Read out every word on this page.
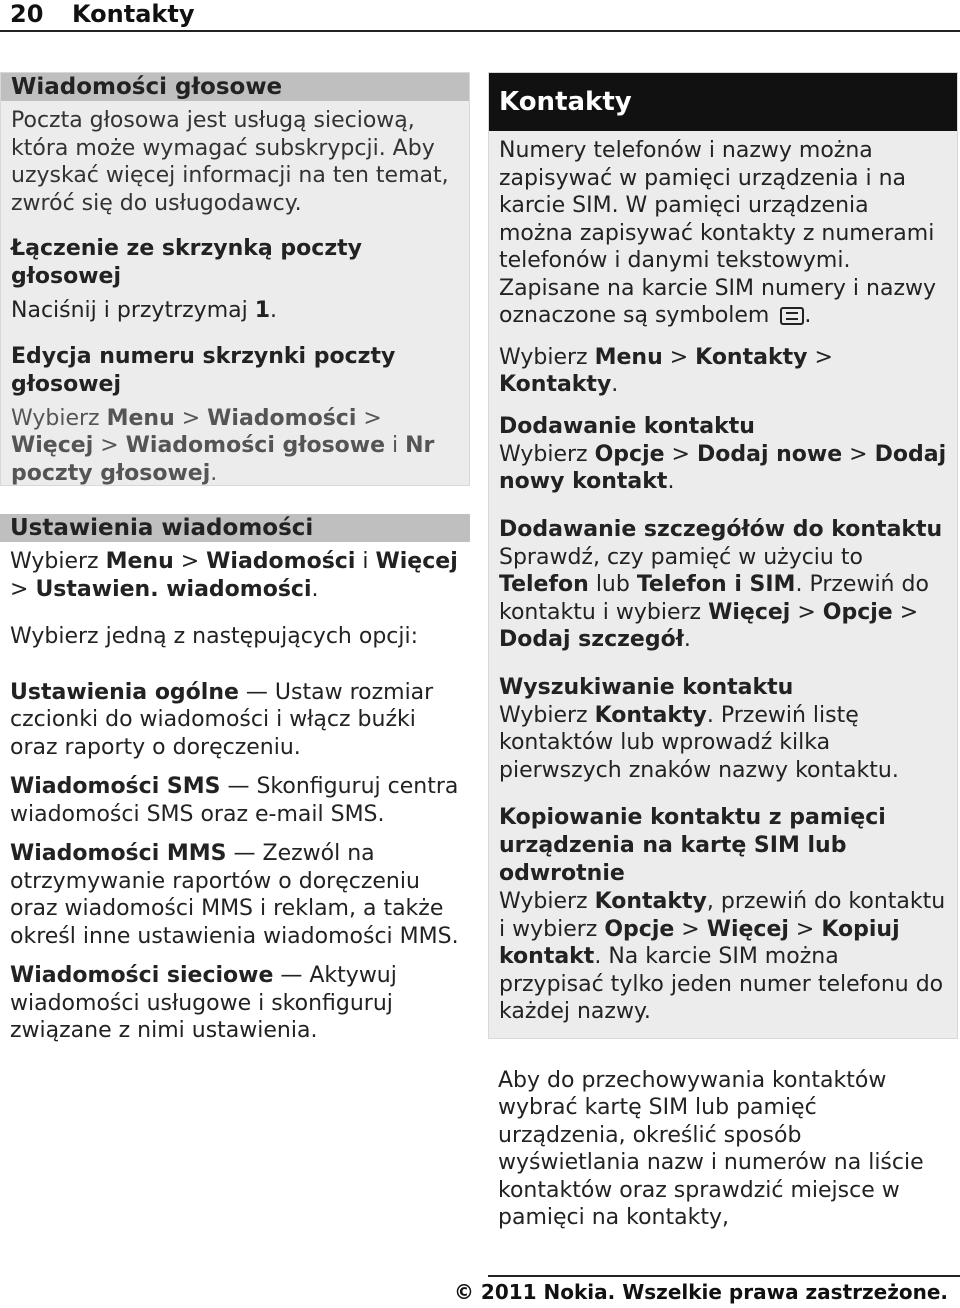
20 Kontakty
Wiadomości głosowe

Poczta głosowa jest usługą sieciową, która może wymagać subskrypcji. Aby uzyskać więcej informacji na ten temat, zwróć się do usługodawcy.

Łączenie ze skrzynką poczty głosowej

Naciśnij i przytrzymaj 1.

Edycja numeru skrzynki poczty głosowej

Wybierz Menu > Wiadomości > Więcej > Wiadomości głosowe i Nr poczty głosowej.

Ustawienia wiadomości

Wybierz Menu > Wiadomości i Więcej > Ustawien. wiadomości.

Wybierz jedną z następujących opcji:

Ustawienia ogólne — Ustaw rozmiar czcionki do wiadomości i włącz buźki oraz raporty o doręczeniu.

Wiadomości SMS — Skonfiguruj centra wiadomości SMS oraz e-mail SMS.

Wiadomości MMS — Zezwól na otrzymywanie raportów o doręczeniu oraz wiadomości MMS i reklam, a także określ inne ustawienia wiadomości MMS.

Wiadomości sieciowe — Aktywuj wiadomości usługowe i skonfiguruj związane z nimi ustawienia.

Kontakty

Numery telefonów i nazwy można zapisywać w pamięci urządzenia i na karcie SIM. W pamięci urządzenia można zapisywać kontakty z numerami telefonów i danymi tekstowymi. Zapisane na karcie SIM numery i nazwy oznaczone są symbolem .

Wybierz Menu > Kontakty > Kontakty.

Dodawanie kontaktu

Wybierz Opcje > Dodaj nowe > Dodaj nowy kontakt.

Dodawanie szczegółów do kontaktu

Sprawdź, czy pamięć w użyciu to Telefon lub Telefon i SIM. Przewiń do kontaktu i wybierz Więcej > Opcje > Dodaj szczegół.

Wyszukiwanie kontaktu

Wybierz Kontakty. Przewiń listę kontaktów lub wprowadź kilka pierwszych znaków nazwy kontaktu.

Kopiowanie kontaktu z pamięci urządzenia na kartę SIM lub odwrotnie

Wybierz Kontakty, przewiń do kontaktu i wybierz Opcje > Więcej > Kopiuj kontakt. Na karcie SIM można przypisać tylko jeden numer telefonu do każdej nazwy.

Aby do przechowywania kontaktów wybrać kartę SIM lub pamięć urządzenia, określić sposób wyświetlania nazw i numerów na liście kontaktów oraz sprawdzić miejsce w pamięci na kontakty,

© 2011 Nokia. Wszelkie prawa zastrzeżone.
